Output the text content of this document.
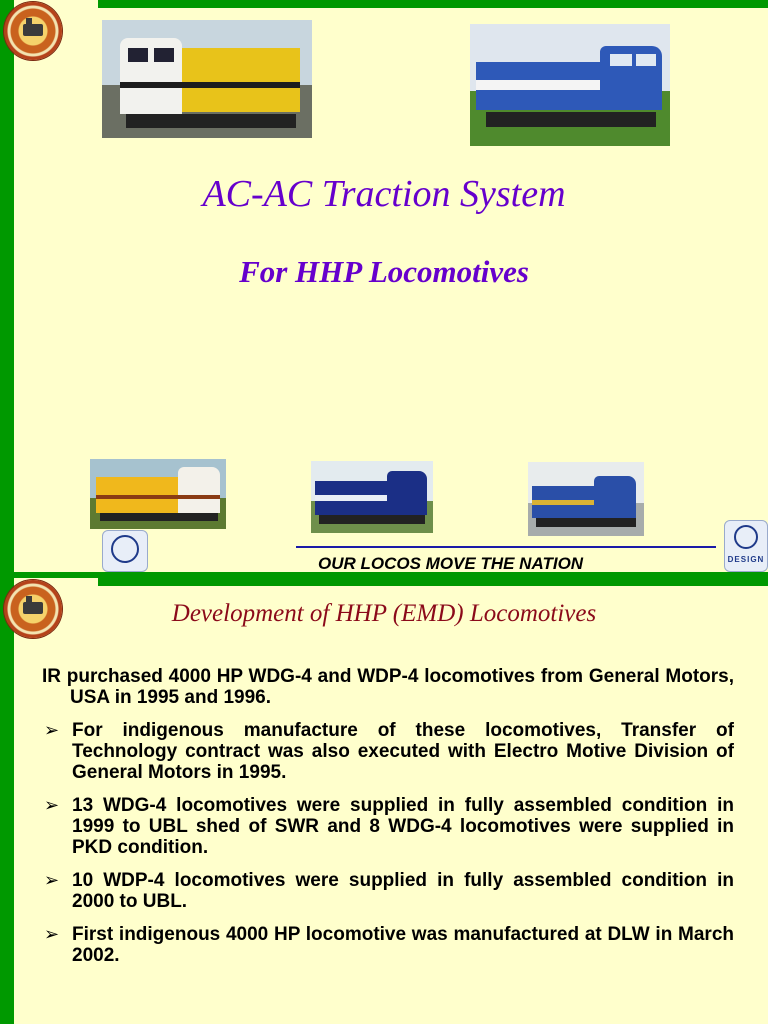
AC-AC Traction System
For HHP Locomotives
OUR LOCOS MOVE THE NATION	DESIGN
Development of HHP (EMD) Locomotives

IR purchased 4000 HP WDG-4 and WDP-4 locomotives from General Motors, USA in 1995 and 1996.

➢ For indigenous manufacture of these locomotives, Transfer of Technology contract was also executed with Electro Motive Division of General Motors in 1995.
➢ 13 WDG-4 locomotives were supplied in fully assembled condition in 1999 to UBL shed of SWR and 8 WDG-4 locomotives were supplied in PKD condition.
➢ 10 WDP-4 locomotives were supplied in fully assembled condition in 2000 to UBL.
➢ First indigenous 4000 HP locomotive was manufactured at DLW in March 2002.
